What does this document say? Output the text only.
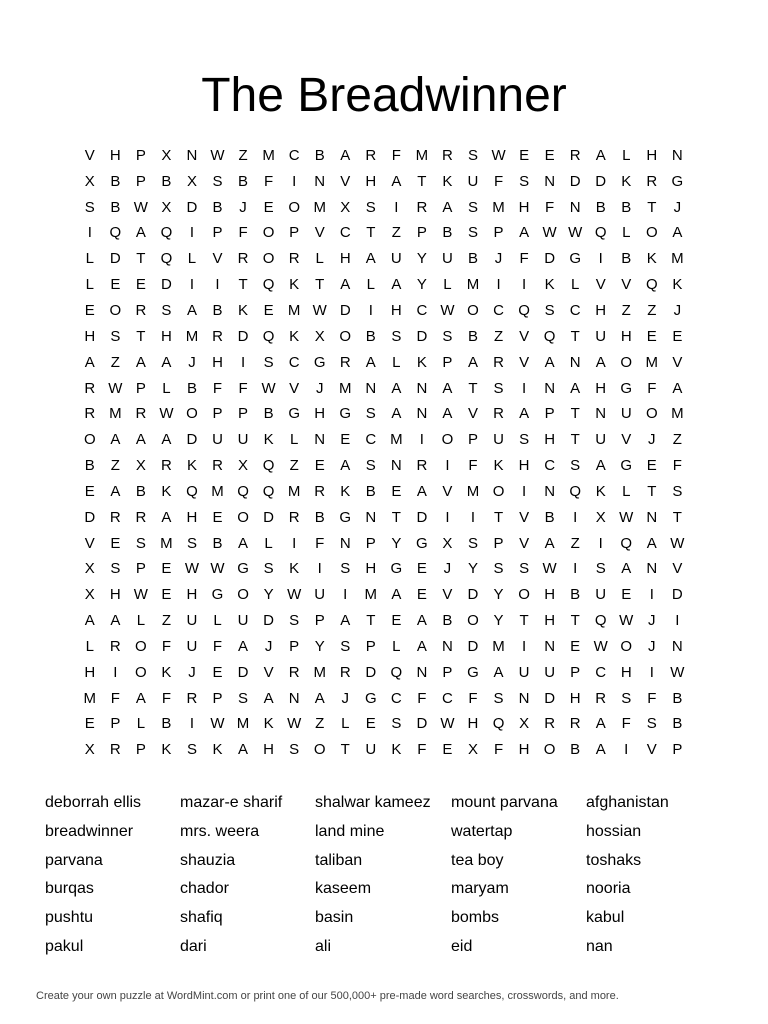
The Breadwinner
V	H	P	X	N W Z M C	B	A	R	F M R	S W E	E	R	A	L	H N
X	B	P	B	X	S	B	F	I	N	V	H	A	T	K	U	F	S	N D D	K	R G
S	B W X	D	B	J	E O M X	S	I	R	A	S M H	F	N	B	B	T	J
I	Q A Q	I	P	F	O P	V	C	T	Z	P	B	S	P	A W W Q	L	O A
L	D	T	Q	L	V	R O R	L	H	A	U	Y	U	B	J	F	D G	I	B	K M
L	E	E	D	I	I	T	Q K	T	A	L	A	Y	L	M	I	I	K	L	V	V Q K
E O R	S	A	B	K	E M W D	I	H C W O C Q S	C H	Z	Z	J
H	S	T	H M R D Q K	X O B	S	D	S	B	Z	V Q	T	U H	E	E
A	Z	A	A	J	H	I	S	C G R	A	L	K	P	A	R	V	A	N	A O M V
R W P	L	B	F	F W V	J	M N	A	N	A	T	S	I	N	A	H G	F	A
R M R W O P	P	B G H G S	A	N	A	V	R	A	P	T	N U O M
O A	A	A	D U U	K	L	N	E	C M	I	O P	U	S	H	T	U	V	J	Z
B	Z	X	R	K	R	X Q	Z	E	A	S	N R	I	F	K	H C	S	A G E	F
E	A	B	K Q M Q Q M R	K	B	E	A	V M O	I	N Q K	L	T	S
D R R	A	H	E O D R	B G N	T	D	I	I	T	V	B	I	X W N	T
V	E	S M S	B	A	L	I	F	N	P	Y G X	S	P	V	A	Z	I	Q A W
X	S	P	E W W G S	K	I	S	H G E	J	Y	S	S W	I	S	A	N	V
X	H W E	H G O Y W U	I	M A	E	V	D	Y O H	B	U	E	I	D
A	A	L	Z	U	L	U D	S	P	A	T	E	A	B O Y	T	H	T	Q W J	I
L	R O	F	U	F	A	J	P	Y	S	P	L	A	N D M	I	N	E W O	J	N
H	I	O K	J	E	D	V	R M R D Q N	P G A	U U	P	C H	I	W
M F	A	F	R	P	S	A	N	A	J	G C	F	C	F	S	N D H R	S	F	B
E	P	L	B	I	W M K W Z	L	E	S	D W H Q X	R R	A	F	S	B
X	R	P	K	S	K	A	H	S O	T	U	K	F	E	X	F	H O B	A	I	V	P
deborrah ellis	mazar-e sharif	shalwar kameez	mount parvana	afghanistan
breadwinner	mrs. weera	land mine	watertap	hossian
parvana	shauzia	taliban	tea boy	toshaks
burqas	chador	kaseem	maryam	nooria
pushtu	shafiq	basin	bombs	kabul
pakul	dari	ali	eid	nan
Create your own puzzle at WordMint.com or print one of our 500,000+ pre-made word searches, crosswords, and more.
